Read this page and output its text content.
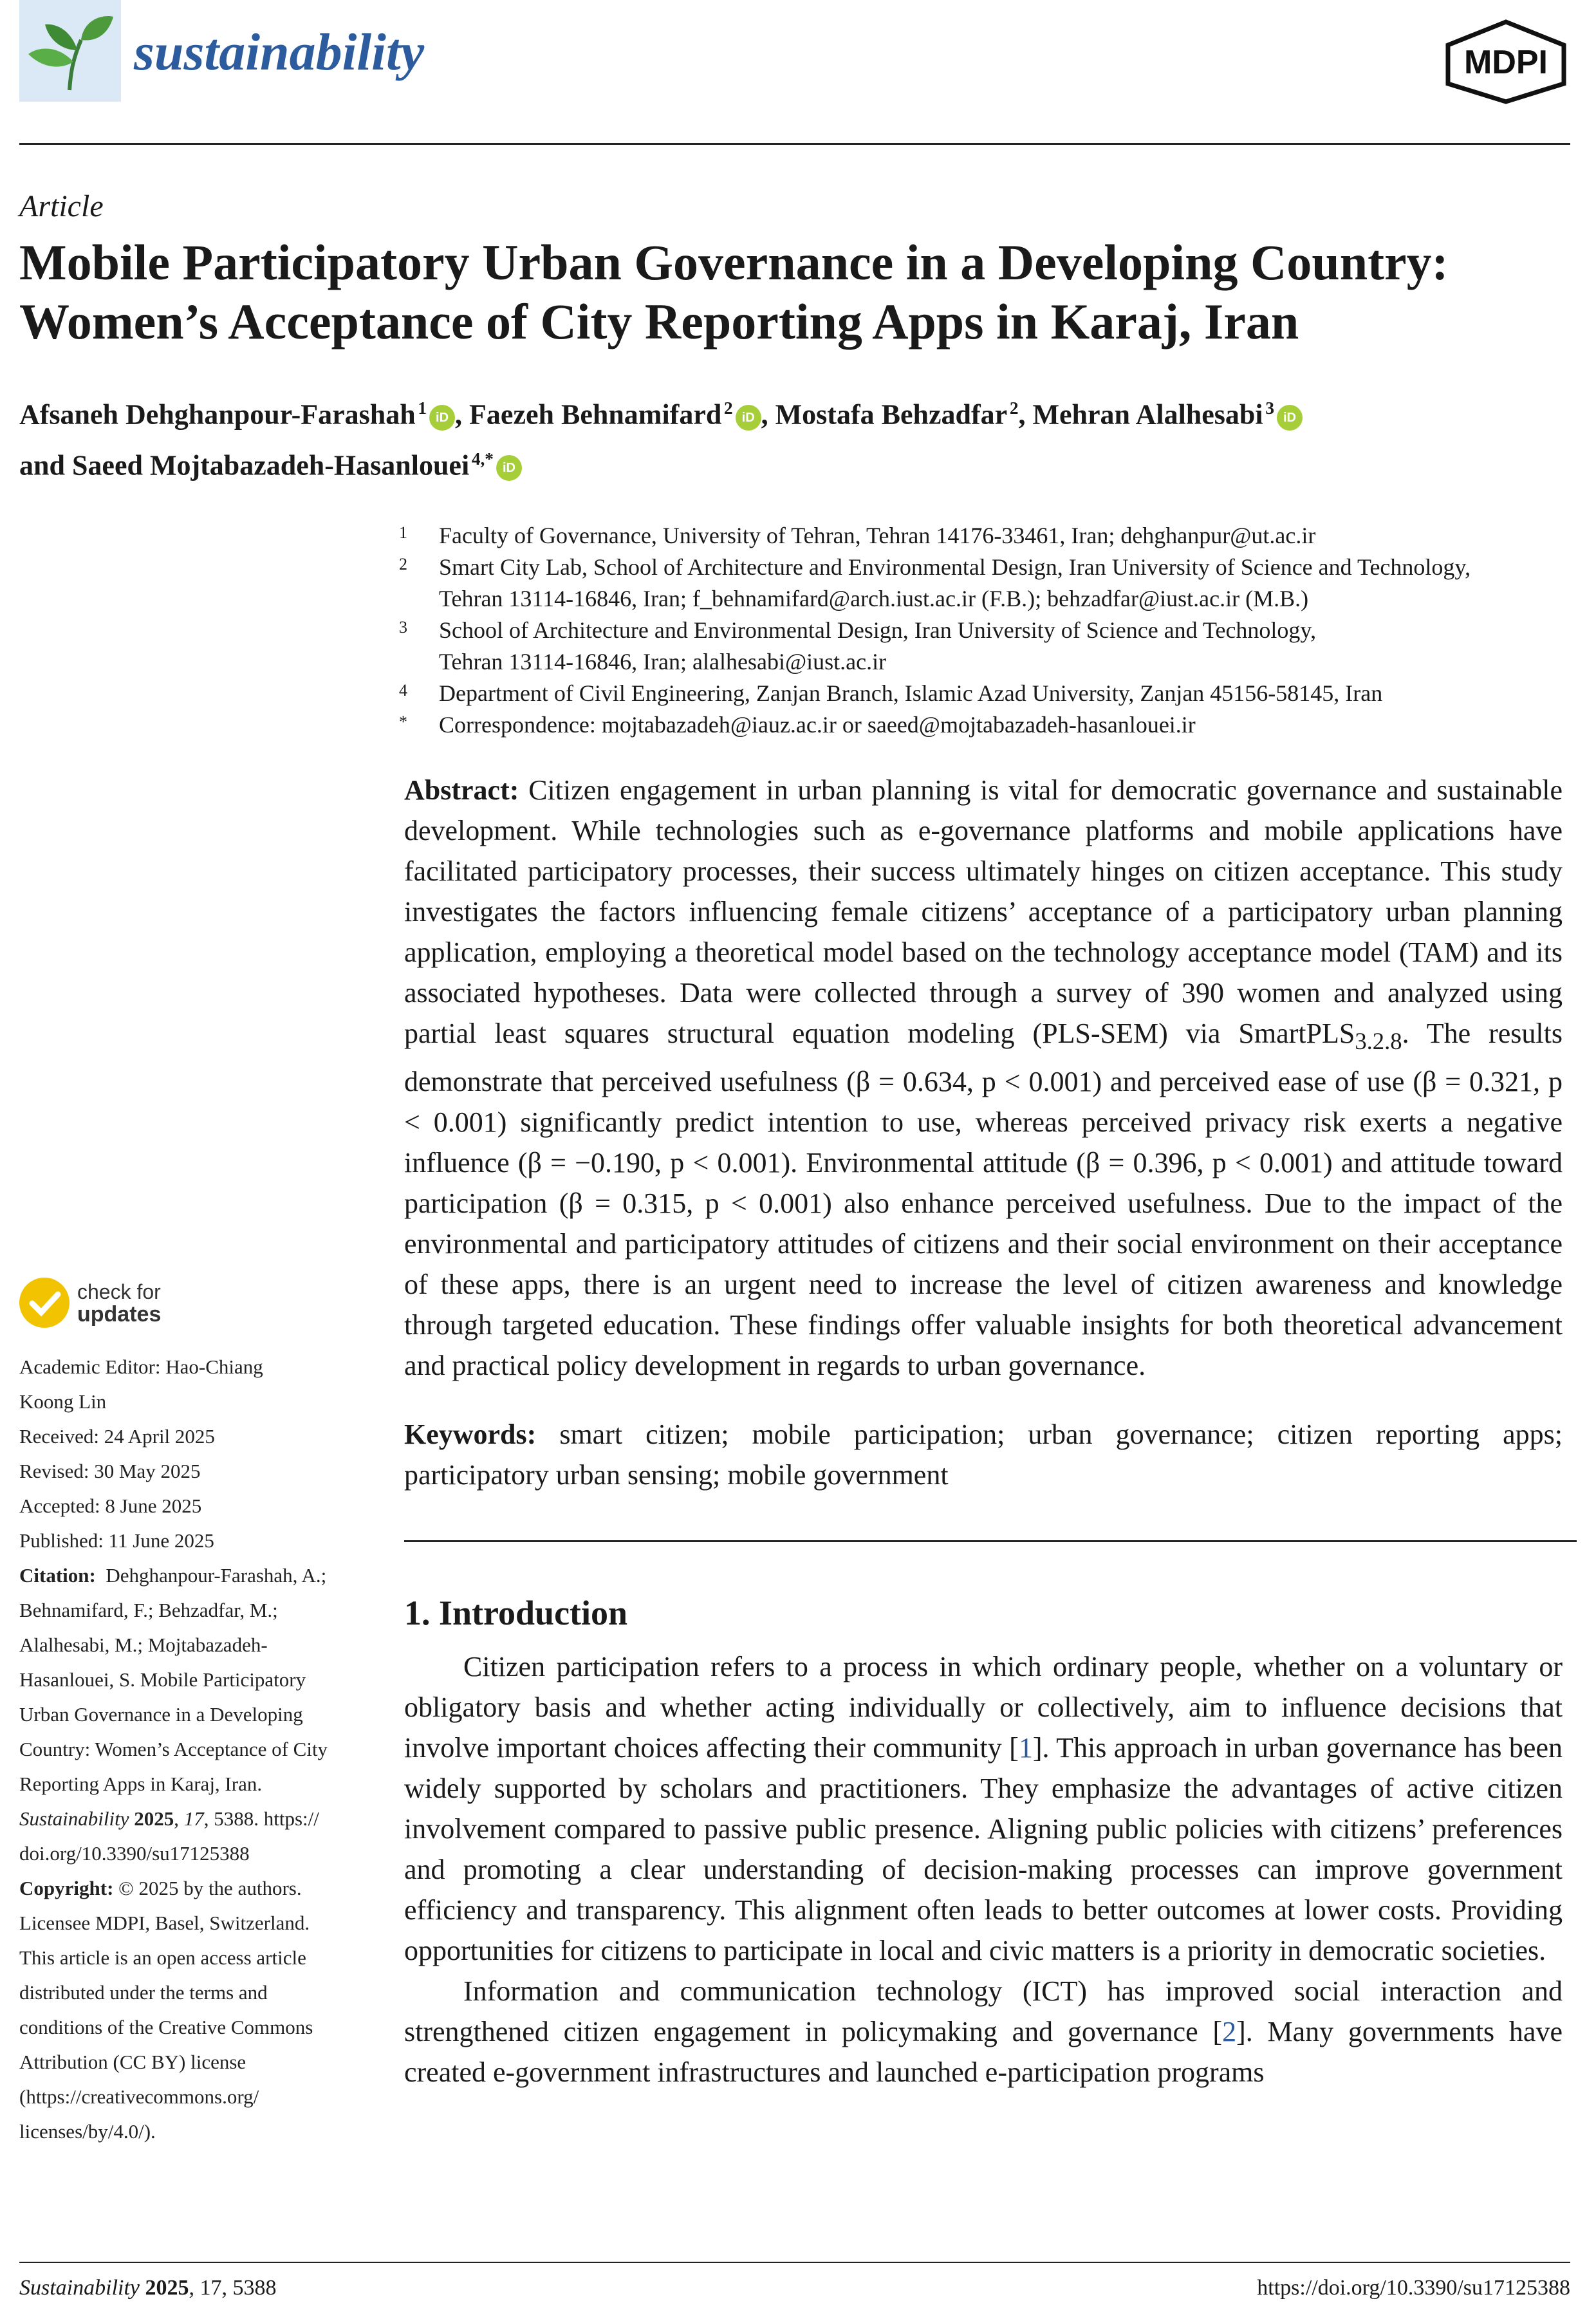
sustainability	MDPI
Article
Mobile Participatory Urban Governance in a Developing Country: Women’s Acceptance of City Reporting Apps in Karaj, Iran
Afsaneh Dehghanpour-Farashah  $^1$ iD , Faezeh Behnamifard  $^2$ iD , Mostafa Behzadfar  $^2$, Mehran Alalhesabi  $^3$ iD
and Saeed Mojtabazadeh-Hasanlouei  $^{4,*}$ iD
1	Faculty of Governance, University of Tehran, Tehran 14176-33461, Iran; dehghanpur@ut.ac.ir
2	Smart City Lab, School of Architecture and Environmental Design, Iran University of Science and Technology,
Tehran 13114-16846, Iran; f_behnamifard@arch.iust.ac.ir (F.B.); behzadfar@iust.ac.ir (M.B.)
3	School of Architecture and Environmental Design, Iran University of Science and Technology,
Tehran 13114-16846, Iran; alalhesabi@iust.ac.ir
4	Department of Civil Engineering, Zanjan Branch, Islamic Azad University, Zanjan 45156-58145, Iran
*	Correspondence: mojtabazadeh@iauz.ac.ir or saeed@mojtabazadeh-hasanlouei.ir

Abstract: Citizen engagement in urban planning is vital for democratic governance and sustainable development. While technologies such as e-governance platforms and mobile applications have facilitated participatory processes, their success ultimately hinges on citizen acceptance. This study investigates the factors influencing female citizens’ acceptance of a participatory urban planning application, employing a theoretical model based on the technology acceptance model (TAM) and its associated hypotheses. Data were collected through a survey of 390 women and analyzed using partial least squares structural equation modeling (PLS-SEM) via SmartPLS$_{3.2.8}$. The results demonstrate that perceived usefulness (β = 0.634, p < 0.001) and perceived ease of use (β = 0.321, p < 0.001) significantly predict intention to use, whereas perceived privacy risk exerts a negative influence (β = −0.190, p < 0.001). Environmental attitude (β = 0.396, p < 0.001) and attitude toward participation (β = 0.315, p < 0.001) also enhance perceived usefulness. Due to the impact of the environmental and participatory attitudes of citizens and their social environment on their acceptance of these apps, there is an urgent need to increase the level of citizen awareness and knowledge through targeted education. These findings offer valuable insights for both theoretical advancement and practical policy development in regards to urban governance.

Keywords: smart citizen; mobile participation; urban governance; citizen reporting apps; participatory urban sensing; mobile government

1. Introduction

Citizen participation refers to a process in which ordinary people, whether on a voluntary or obligatory basis and whether acting individually or collectively, aim to influence decisions that involve important choices affecting their community [1]. This approach in urban governance has been widely supported by scholars and practitioners. They emphasize the advantages of active citizen involvement compared to passive public presence. Aligning public policies with citizens’ preferences and promoting a clear understanding of decision-making processes can improve government efficiency and transparency. This alignment often leads to better outcomes at lower costs. Providing opportunities for citizens to participate in local and civic matters is a priority in democratic societies.

Information and communication technology (ICT) has improved social interaction and strengthened citizen engagement in policymaking and governance [2]. Many governments have created e-government infrastructures and launched e-participation programs

check for
updates

Academic Editor: Hao-Chiang
Koong Lin

Received: 24 April 2025

Revised: 30 May 2025

Accepted: 8 June 2025

Published: 11 June 2025

Citation: Dehghanpour-Farashah, A.;
Behnamifard, F.; Behzadfar, M.;
Alalhesabi, M.; Mojtabazadeh-
Hasanlouei, S. Mobile Participatory
Urban Governance in a Developing
Country: Women’s Acceptance of City
Reporting Apps in Karaj, Iran.
Sustainability 2025, 17, 5388. https://
doi.org/10.3390/su17125388

Copyright: © 2025 by the authors.
Licensee MDPI, Basel, Switzerland.
This article is an open access article
distributed under the terms and
conditions of the Creative Commons
Attribution (CC BY) license
(https://creativecommons.org/
licenses/by/4.0/).

Sustainability 2025, 17, 5388	https://doi.org/10.3390/su17125388
